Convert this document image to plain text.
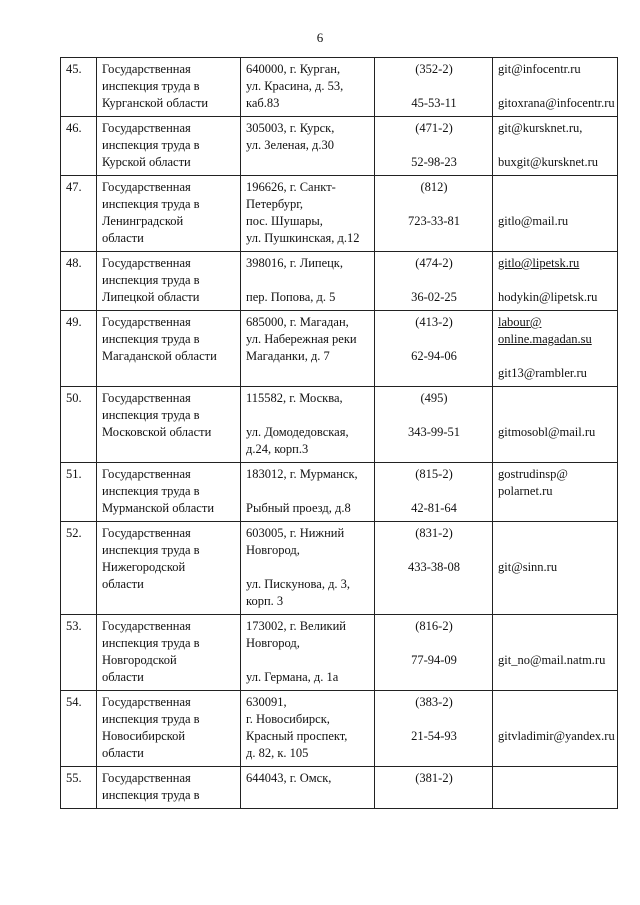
6
45.	Государственная
инспекция труда в
Курганской области	640000, г. Курган,
ул. Красина, д. 53,
каб.83	(352-2)
45-53-11	git@infocentr.ru
gitoxrana@infocentr.ru

46.	Государственная
инспекция труда в
Курской области	305003, г. Курск,
ул. Зеленая, д.30	(471-2)
52-98-23	git@kursknet.ru,
buxgit@kursknet.ru

47.	Государственная
инспекция труда в
Ленинградской
области	196626, г. Санкт-
Петербург,
пос. Шушары,
ул. Пушкинская, д.12	(812)
723-33-81	gitlo@mail.ru

48.	Государственная
инспекция труда в
Липецкой области	398016, г. Липецк,
пер. Попова, д. 5	(474-2)
36-02-25	gitlo@lipetsk.ru
hodykin@lipetsk.ru

49.	Государственная
инспекция труда в
Магаданской области	685000, г. Магадан,
ул. Набережная реки
Магаданки, д. 7	(413-2)
62-94-06	labour@
online.magadan.su
git13@rambler.ru

50.	Государственная
инспекция труда в
Московской области	115582, г. Москва,
ул. Домодедовская,
д.24, корп.3	(495)
343-99-51	gitmosobl@mail.ru

51.	Государственная
инспекция труда в
Мурманской области	183012, г. Мурманск,
Рыбный проезд, д.8	(815-2)
42-81-64	gostrudinsp@
polarnet.ru

52.	Государственная
инспекция труда в
Нижегородской
области	603005, г. Нижний
Новгород,
ул. Пискунова, д. 3,
корп. 3	(831-2)
433-38-08	git@sinn.ru

53.	Государственная
инспекция труда в
Новгородской
области	173002, г. Великий
Новгород,
ул. Германа, д. 1а	(816-2)
77-94-09	git_no@mail.natm.ru

54.	Государственная
инспекция труда в
Новосибирской
области	630091,
г. Новосибирск,
Красный проспект,
д. 82, к. 105	(383-2)
21-54-93	gitvladimir@yandex.ru

55.	Государственная
инспекция труда в	644043, г. Омск,	(381-2)	
